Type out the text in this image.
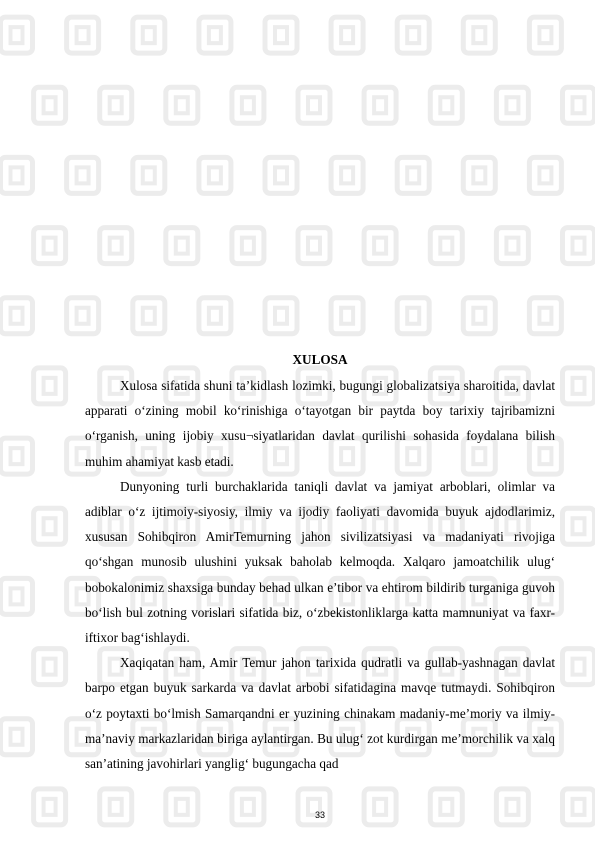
XULOSA

Xulosa sifatida shuni ta’kidlash lozimki, bugungi globalizatsiya sharoitida, davlat apparati o‘zining mobil ko‘rinishiga o‘tayotgan bir paytda boy tarixiy tajribamizni o‘rganish, uning ijobiy xusu¬siyatlaridan davlat qurilishi sohasida foydalana bilish muhim ahamiyat kasb etadi.

Dunyoning turli burchaklarida taniqli davlat va jamiyat arboblari, olimlar va adiblar o‘z ijtimoiy-siyosiy, ilmiy va ijodiy faoliyati davomida buyuk ajdodlarimiz, xususan Sohibqiron AmirTemurning jahon sivilizatsiyasi va madaniyati rivojiga qo‘shgan munosib ulushini yuksak baholab kelmoqda. Xalqaro jamoatchilik ulug‘ bobokalonimiz shaxsiga bunday behad ulkan e’tibor va ehtirom bildirib turganiga guvoh bo‘lish bul zotning vorislari sifatida biz, o‘zbekistonliklarga katta mamnuniyat va faxr-iftixor bag‘ishlaydi.

Xaqiqatan ham, Amir Temur jahon tarixida qudratli va gullab-yashnagan davlat barpo etgan buyuk sarkarda va davlat arbobi sifatidagina mavqe tutmaydi. Sohibqiron o‘z poytaxti bo‘lmish Samarqandni er yuzining chinakam madaniy-me’moriy va ilmiy-ma’naviy markazlaridan biriga aylantirgan. Bu ulug‘ zot kurdirgan me’morchilik va xalq san’atining javohirlari yanglig‘ bugungacha qad

33
